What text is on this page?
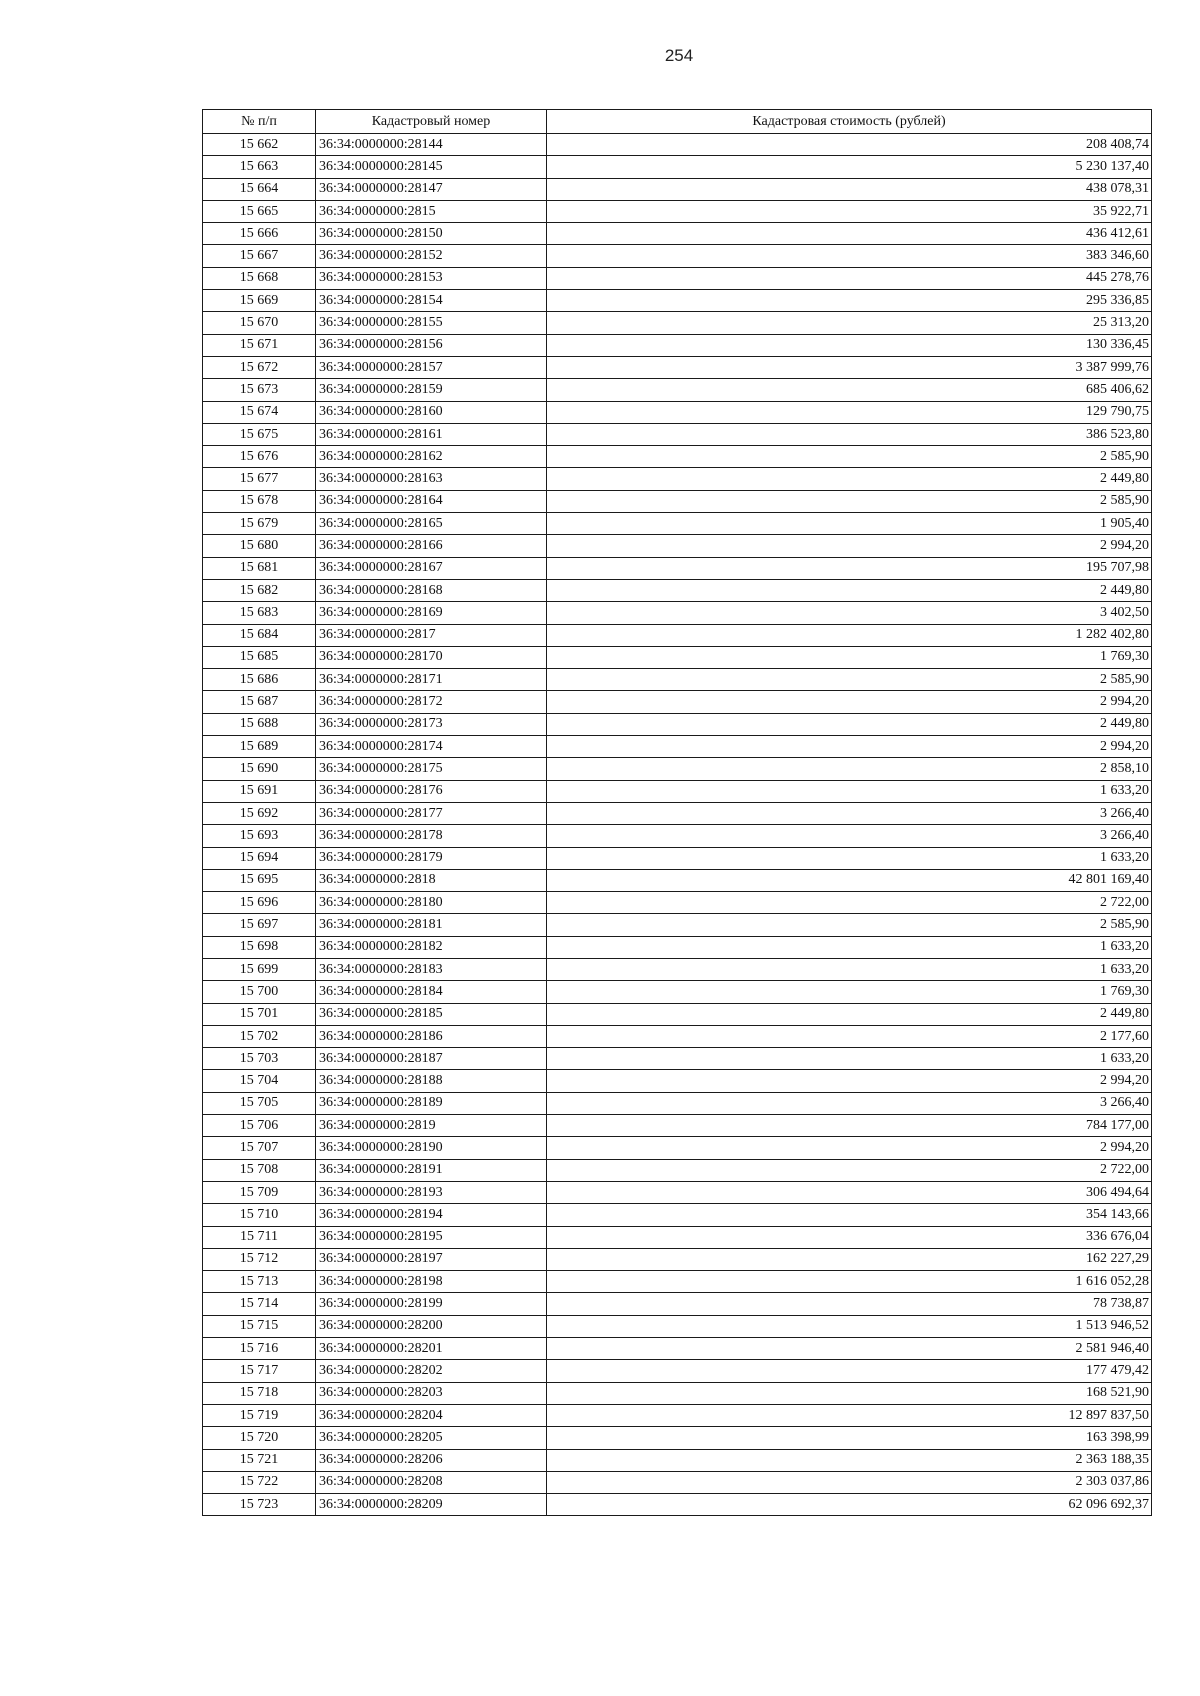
254
№ п/п	Кадастровый номер	Кадастровая стоимость (рублей)
15 662	36:34:0000000:28144	208 408,74
15 663	36:34:0000000:28145	5 230 137,40
15 664	36:34:0000000:28147	438 078,31
15 665	36:34:0000000:2815	35 922,71
15 666	36:34:0000000:28150	436 412,61
15 667	36:34:0000000:28152	383 346,60
15 668	36:34:0000000:28153	445 278,76
15 669	36:34:0000000:28154	295 336,85
15 670	36:34:0000000:28155	25 313,20
15 671	36:34:0000000:28156	130 336,45
15 672	36:34:0000000:28157	3 387 999,76
15 673	36:34:0000000:28159	685 406,62
15 674	36:34:0000000:28160	129 790,75
15 675	36:34:0000000:28161	386 523,80
15 676	36:34:0000000:28162	2 585,90
15 677	36:34:0000000:28163	2 449,80
15 678	36:34:0000000:28164	2 585,90
15 679	36:34:0000000:28165	1 905,40
15 680	36:34:0000000:28166	2 994,20
15 681	36:34:0000000:28167	195 707,98
15 682	36:34:0000000:28168	2 449,80
15 683	36:34:0000000:28169	3 402,50
15 684	36:34:0000000:2817	1 282 402,80
15 685	36:34:0000000:28170	1 769,30
15 686	36:34:0000000:28171	2 585,90
15 687	36:34:0000000:28172	2 994,20
15 688	36:34:0000000:28173	2 449,80
15 689	36:34:0000000:28174	2 994,20
15 690	36:34:0000000:28175	2 858,10
15 691	36:34:0000000:28176	1 633,20
15 692	36:34:0000000:28177	3 266,40
15 693	36:34:0000000:28178	3 266,40
15 694	36:34:0000000:28179	1 633,20
15 695	36:34:0000000:2818	42 801 169,40
15 696	36:34:0000000:28180	2 722,00
15 697	36:34:0000000:28181	2 585,90
15 698	36:34:0000000:28182	1 633,20
15 699	36:34:0000000:28183	1 633,20
15 700	36:34:0000000:28184	1 769,30
15 701	36:34:0000000:28185	2 449,80
15 702	36:34:0000000:28186	2 177,60
15 703	36:34:0000000:28187	1 633,20
15 704	36:34:0000000:28188	2 994,20
15 705	36:34:0000000:28189	3 266,40
15 706	36:34:0000000:2819	784 177,00
15 707	36:34:0000000:28190	2 994,20
15 708	36:34:0000000:28191	2 722,00
15 709	36:34:0000000:28193	306 494,64
15 710	36:34:0000000:28194	354 143,66
15 711	36:34:0000000:28195	336 676,04
15 712	36:34:0000000:28197	162 227,29
15 713	36:34:0000000:28198	1 616 052,28
15 714	36:34:0000000:28199	78 738,87
15 715	36:34:0000000:28200	1 513 946,52
15 716	36:34:0000000:28201	2 581 946,40
15 717	36:34:0000000:28202	177 479,42
15 718	36:34:0000000:28203	168 521,90
15 719	36:34:0000000:28204	12 897 837,50
15 720	36:34:0000000:28205	163 398,99
15 721	36:34:0000000:28206	2 363 188,35
15 722	36:34:0000000:28208	2 303 037,86
15 723	36:34:0000000:28209	62 096 692,37
